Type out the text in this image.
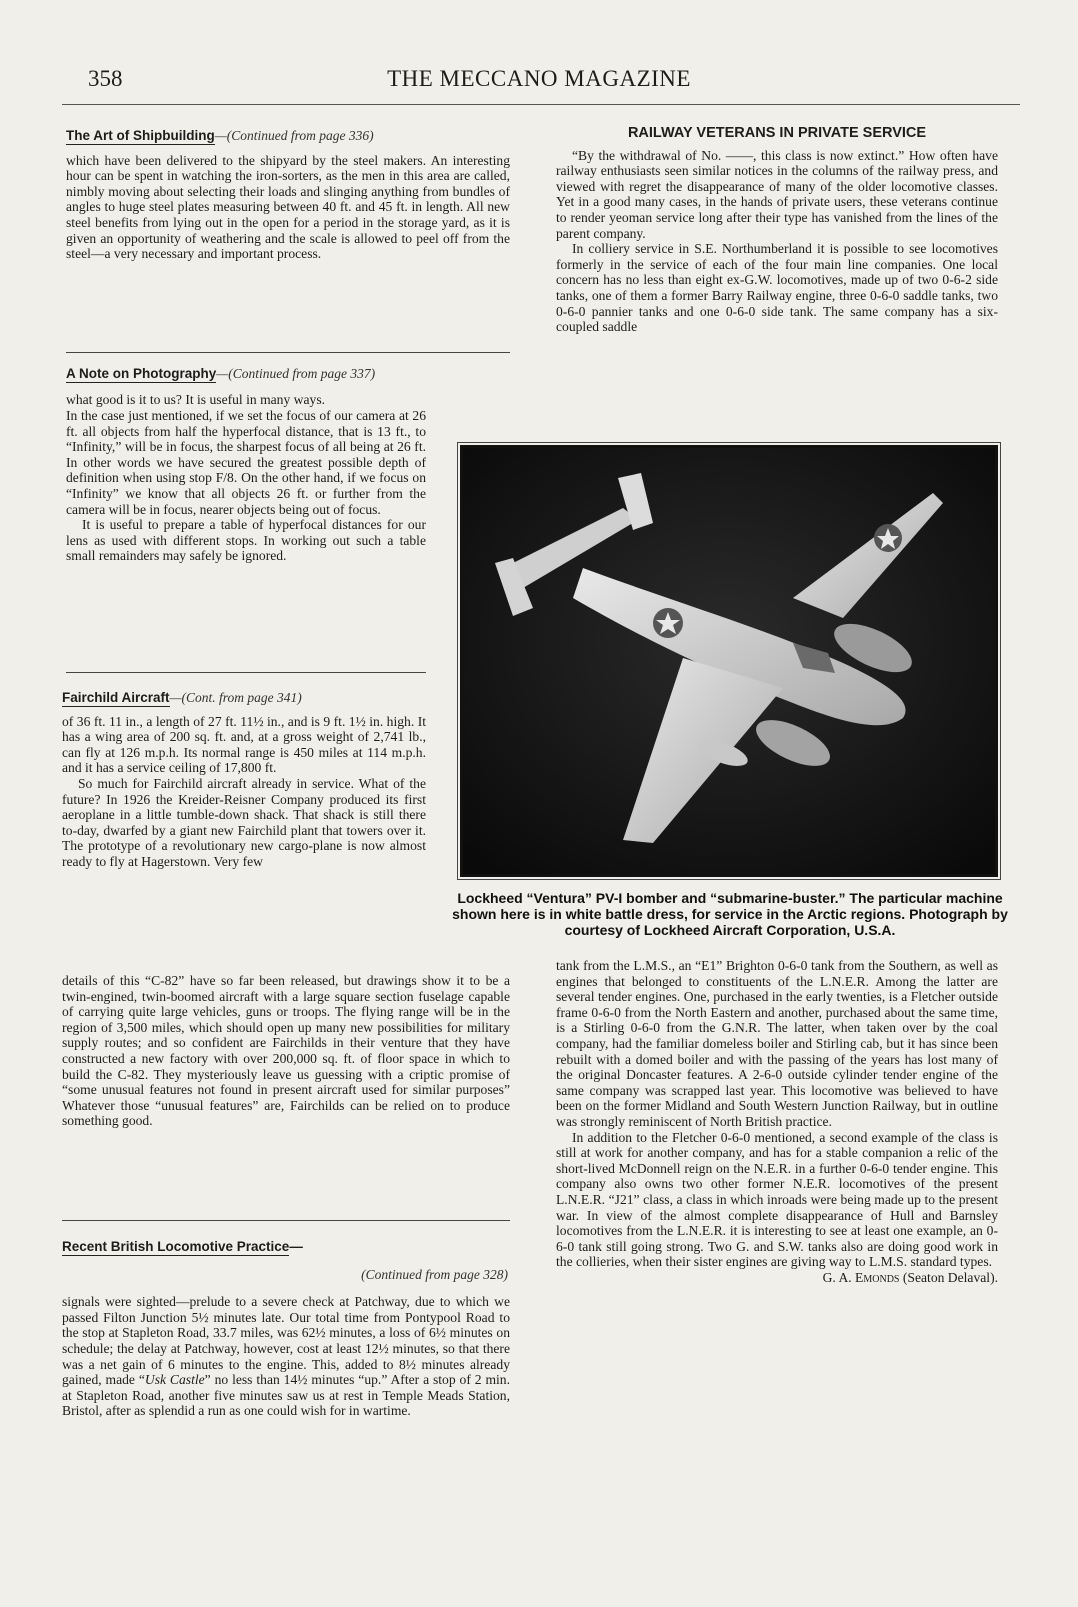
358	THE MECCANO MAGAZINE
The Art of Shipbuilding—(Continued from page 336)

which have been delivered to the shipyard by the steel makers. An interesting hour can be spent in watching the iron-sorters, as the men in this area are called, nimbly moving about selecting their loads and slinging anything from bundles of angles to huge steel plates measuring between 40 ft. and 45 ft. in length. All new steel benefits from lying out in the open for a period in the storage yard, as it is given an opportunity of weathering and the scale is allowed to peel off from the steel—a very necessary and important process.

A Note on Photography—(Continued from page 337)

what good is it to us? It is useful in many ways.

In the case just mentioned, if we set the focus of our camera at 26 ft. all objects from half the hyperfocal distance, that is 13 ft., to “Infinity,” will be in focus, the sharpest focus of all being at 26 ft. In other words we have secured the greatest possible depth of definition when using stop F/8. On the other hand, if we focus on “Infinity” we know that all objects 26 ft. or further from the camera will be in focus, nearer objects being out of focus.

It is useful to prepare a table of hyperfocal distances for our lens as used with different stops. In working out such a table small remainders may safely be ignored.

Fairchild Aircraft—(Cont. from page 341)

of 36 ft. 11 in., a length of 27 ft. 11½ in., and is 9 ft. 1½ in. high. It has a wing area of 200 sq. ft. and, at a gross weight of 2,741 lb., can fly at 126 m.p.h. Its normal range is 450 miles at 114 m.p.h. and it has a service ceiling of 17,800 ft.

So much for Fairchild aircraft already in service. What of the future? In 1926 the Kreider-Reisner Company produced its first aeroplane in a little tumble-down shack. That shack is still there to-day, dwarfed by a giant new Fairchild plant that towers over it. The prototype of a revolutionary new cargo-plane is now almost ready to fly at Hagerstown. Very few

details of this “C-82” have so far been released, but drawings show it to be a twin-engined, twin-boomed aircraft with a large square section fuselage capable of carrying quite large vehicles, guns or troops. The flying range will be in the region of 3,500 miles, which should open up many new possibilities for military supply routes; and so confident are Fairchilds in their venture that they have constructed a new factory with over 200,000 sq. ft. of floor space in which to build the C-82. They mysteriously leave us guessing with a criptic promise of “some unusual features not found in present aircraft used for similar purposes” Whatever those “unusual features” are, Fairchilds can be relied on to produce something good.

Recent British Locomotive Practice—
(Continued from page 328)

signals were sighted—prelude to a severe check at Patchway, due to which we passed Filton Junction 5½ minutes late. Our total time from Pontypool Road to the stop at Stapleton Road, 33.7 miles, was 62½ minutes, a loss of 6½ minutes on schedule; the delay at Patchway, however, cost at least 12½ minutes, so that there was a net gain of 6 minutes to the engine. This, added to 8½ minutes already gained, made “Usk Castle” no less than 14½ minutes “up.” After a stop of 2 min. at Stapleton Road, another five minutes saw us at rest in Temple Meads Station, Bristol, after as splendid a run as one could wish for in wartime.

RAILWAY VETERANS IN PRIVATE SERVICE

“By the withdrawal of No. ——, this class is now extinct.” How often have railway enthusiasts seen similar notices in the columns of the railway press, and viewed with regret the disappearance of many of the older locomotive classes. Yet in a good many cases, in the hands of private users, these veterans continue to render yeoman service long after their type has vanished from the lines of the parent company.

In colliery service in S.E. Northumberland it is possible to see locomotives formerly in the service of each of the four main line companies. One local concern has no less than eight ex-G.W. locomotives, made up of two 0-6-2 side tanks, one of them a former Barry Railway engine, three 0-6-0 saddle tanks, two 0-6-0 pannier tanks and one 0-6-0 side tank. The same company has a six-coupled saddle

Lockheed “Ventura” PV-I bomber and “submarine-buster.” The particular machine shown here is in white battle dress, for service in the Arctic regions. Photograph by courtesy of Lockheed Aircraft Corporation, U.S.A.

tank from the L.M.S., an “E1” Brighton 0-6-0 tank from the Southern, as well as engines that belonged to constituents of the L.N.E.R. Among the latter are several tender engines. One, purchased in the early twenties, is a Fletcher outside frame 0-6-0 from the North Eastern and another, purchased about the same time, is a Stirling 0-6-0 from the G.N.R. The latter, when taken over by the coal company, had the familiar domeless boiler and Stirling cab, but it has since been rebuilt with a domed boiler and with the passing of the years has lost many of the original Doncaster features. A 2-6-0 outside cylinder tender engine of the same company was scrapped last year. This locomotive was believed to have been on the former Midland and South Western Junction Railway, but in outline was strongly reminiscent of North British practice.

In addition to the Fletcher 0-6-0 mentioned, a second example of the class is still at work for another company, and has for a stable companion a relic of the short-lived McDonnell reign on the N.E.R. in a further 0-6-0 tender engine. This company also owns two other former N.E.R. locomotives of the present L.N.E.R. “J21” class, a class in which inroads were being made up to the present war. In view of the almost complete disappearance of Hull and Barnsley locomotives from the L.N.E.R. it is interesting to see at least one example, an 0-6-0 tank still going strong. Two G. and S.W. tanks also are doing good work in the collieries, when their sister engines are giving way to L.M.S. standard types.

G. A. Emonds (Seaton Delaval).
